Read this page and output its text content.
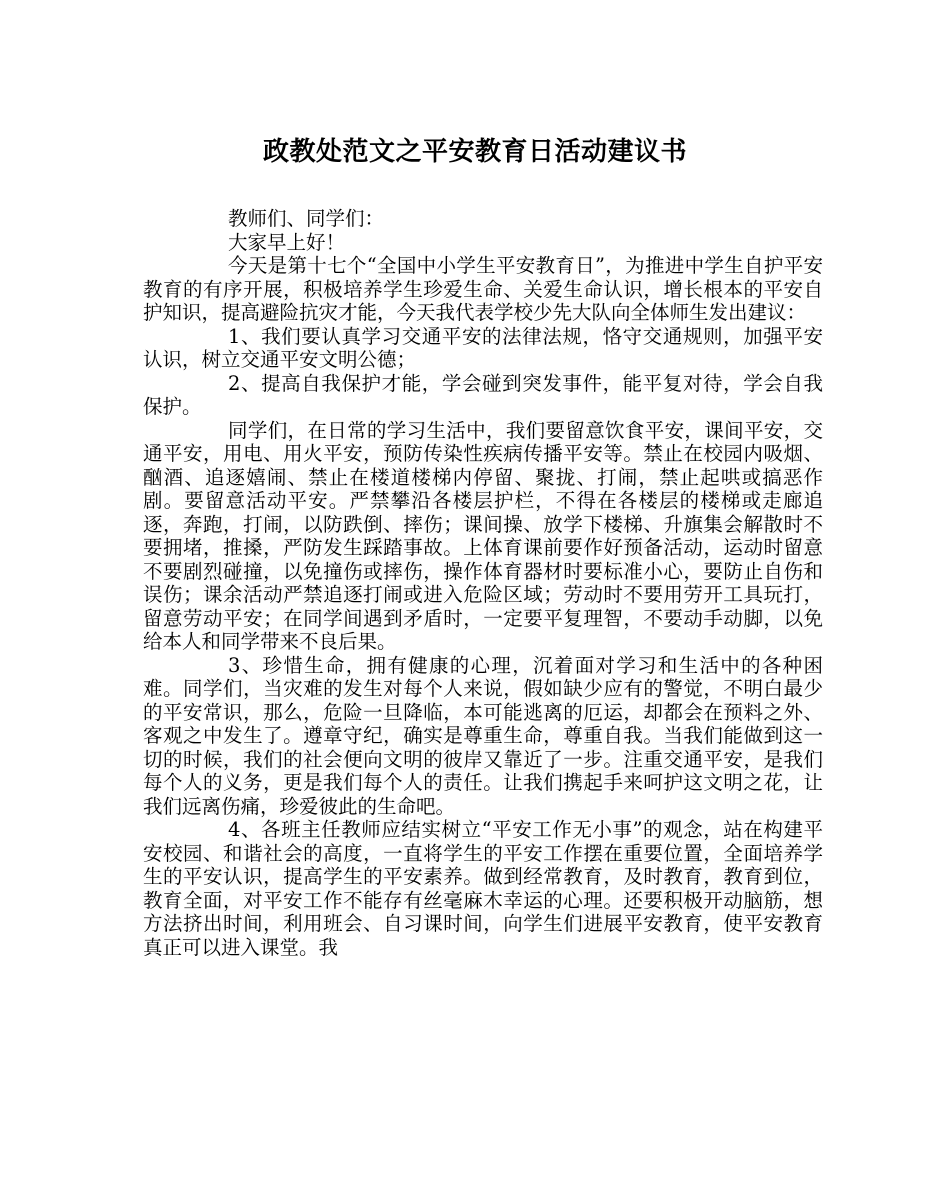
政教处范文之平安教育日活动建议书

教师们、同学们：

大家早上好！

今天是第十七个“全国中小学生平安教育日”，为推进中学生自护平安教育的有序开展，积极培养学生珍爱生命、关爱生命认识，增长根本的平安自护知识，提高避险抗灾才能，今天我代表学校少先大队向全体师生发出建议：

1、我们要认真学习交通平安的法律法规，恪守交通规则，加强平安认识，树立交通平安文明公德；

2、提高自我保护才能，学会碰到突发事件，能平复对待，学会自我保护。

同学们，在日常的学习生活中，我们要留意饮食平安，课间平安，交通平安，用电、用火平安，预防传染性疾病传播平安等。禁止在校园内吸烟、酗酒、追逐嬉闹、禁止在楼道楼梯内停留、聚拢、打闹，禁止起哄或搞恶作剧。要留意活动平安。严禁攀沿各楼层护栏，不得在各楼层的楼梯或走廊追逐，奔跑，打闹，以防跌倒、摔伤；课间操、放学下楼梯、升旗集会解散时不要拥堵，推搡，严防发生踩踏事故。上体育课前要作好预备活动，运动时留意不要剧烈碰撞，以免撞伤或摔伤，操作体育器材时要标准小心，要防止自伤和误伤；课余活动严禁追逐打闹或进入危险区域；劳动时不要用劳开工具玩打，留意劳动平安；在同学间遇到矛盾时，一定要平复理智，不要动手动脚，以免给本人和同学带来不良后果。

3、珍惜生命，拥有健康的心理，沉着面对学习和生活中的各种困难。同学们，当灾难的发生对每个人来说，假如缺少应有的警觉，不明白最少的平安常识，那么，危险一旦降临，本可能逃离的厄运，却都会在预料之外、客观之中发生了。遵章守纪，确实是尊重生命，尊重自我。当我们能做到这一切的时候，我们的社会便向文明的彼岸又靠近了一步。注重交通平安，是我们每个人的义务，更是我们每个人的责任。让我们携起手来呵护这文明之花，让我们远离伤痛，珍爱彼此的生命吧。

4、各班主任教师应结实树立“平安工作无小事”的观念，站在构建平安校园、和谐社会的高度，一直将学生的平安工作摆在重要位置，全面培养学生的平安认识，提高学生的平安素养。做到经常教育，及时教育，教育到位，教育全面，对平安工作不能存有丝毫麻木幸运的心理。还要积极开动脑筋，想方法挤出时间，利用班会、自习课时间，向学生们进展平安教育，使平安教育真正可以进入课堂。我
